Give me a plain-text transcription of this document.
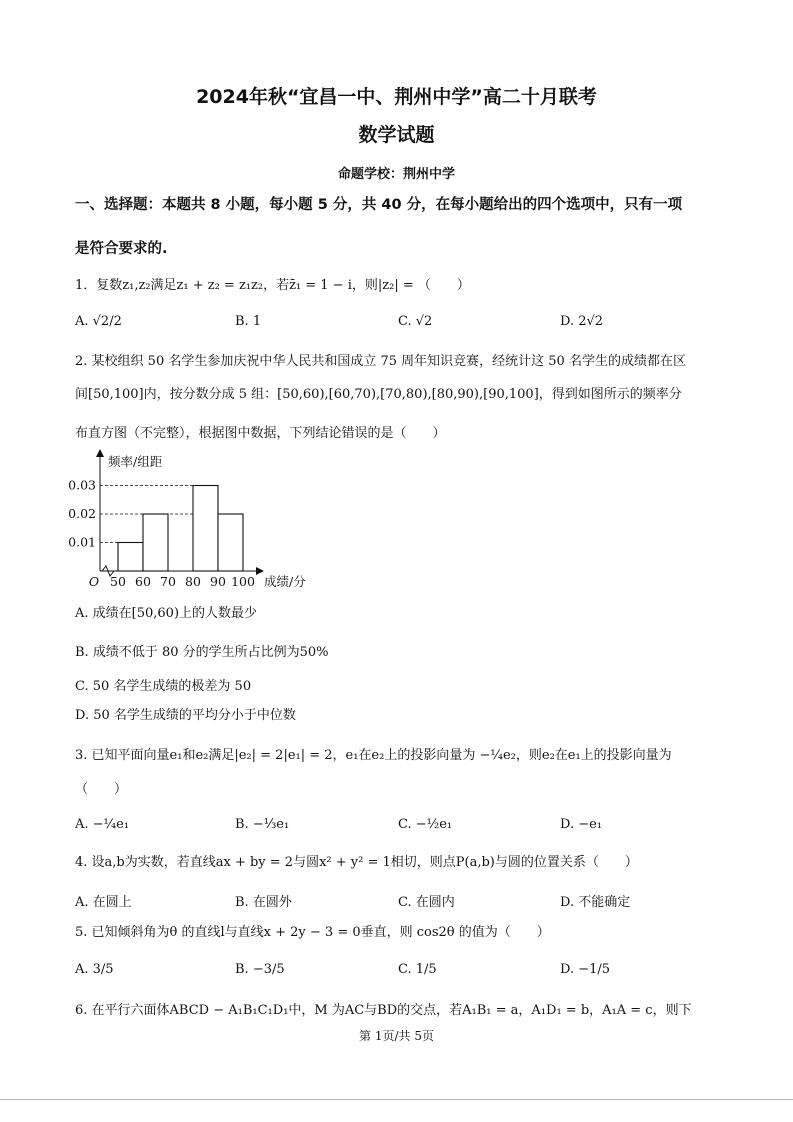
2024年秋“宜昌一中、荆州中学”高二十月联考
数学试题
命题学校：荆州中学
一、选择题：本题共 8 小题，每小题 5 分，共 40 分，在每小题给出的四个选项中，只有一项
是符合要求的.
1．复数z₁,z₂满足z₁ + z₂ = z₁z₂，若z̄₁ = 1 − i，则|z₂| = （　　）
A. √2/2	B. 1	C. √2	D. 2√2
2. 某校组织 50 名学生参加庆祝中华人民共和国成立 75 周年知识竞赛，经统计这 50 名学生的成绩都在区
间[50,100]内，按分数分成 5 组：[50,60),[60,70),[70,80),[80,90),[90,100]，得到如图所示的频率分
布直方图（不完整），根据图中数据，下列结论错误的是（　　）
频率/组距
成绩/分
O
0.01
0.02
0.03
50 60 70 80 90 100
A. 成绩在[50,60)上的人数最少
B. 成绩不低于 80 分的学生所占比例为50%
C. 50 名学生成绩的极差为 50
D. 50 名学生成绩的平均分小于中位数
3. 已知平面向量e₁和e₂满足|e₂| = 2|e₁| = 2，e₁在e₂上的投影向量为 −¼e₂，则e₂在e₁上的投影向量为
（　　）
A. −¼e₁	B. −⅓e₁	C. −½e₁	D. −e₁
4. 设a,b为实数，若直线ax + by = 2与圆x² + y² = 1相切，则点P(a,b)与圆的位置关系（　　）
A. 在圆上	B. 在圆外	C. 在圆内	D. 不能确定
5. 已知倾斜角为θ 的直线l与直线x + 2y − 3 = 0垂直，则 cos2θ 的值为（　　）
A. 3/5	B. −3/5	C. 1/5	D. −1/5
6. 在平行六面体ABCD − A₁B₁C₁D₁中，M 为AC与BD的交点，若A₁B₁ = a，A₁D₁ = b，A₁A = c，则下
第 1页/共 5页
